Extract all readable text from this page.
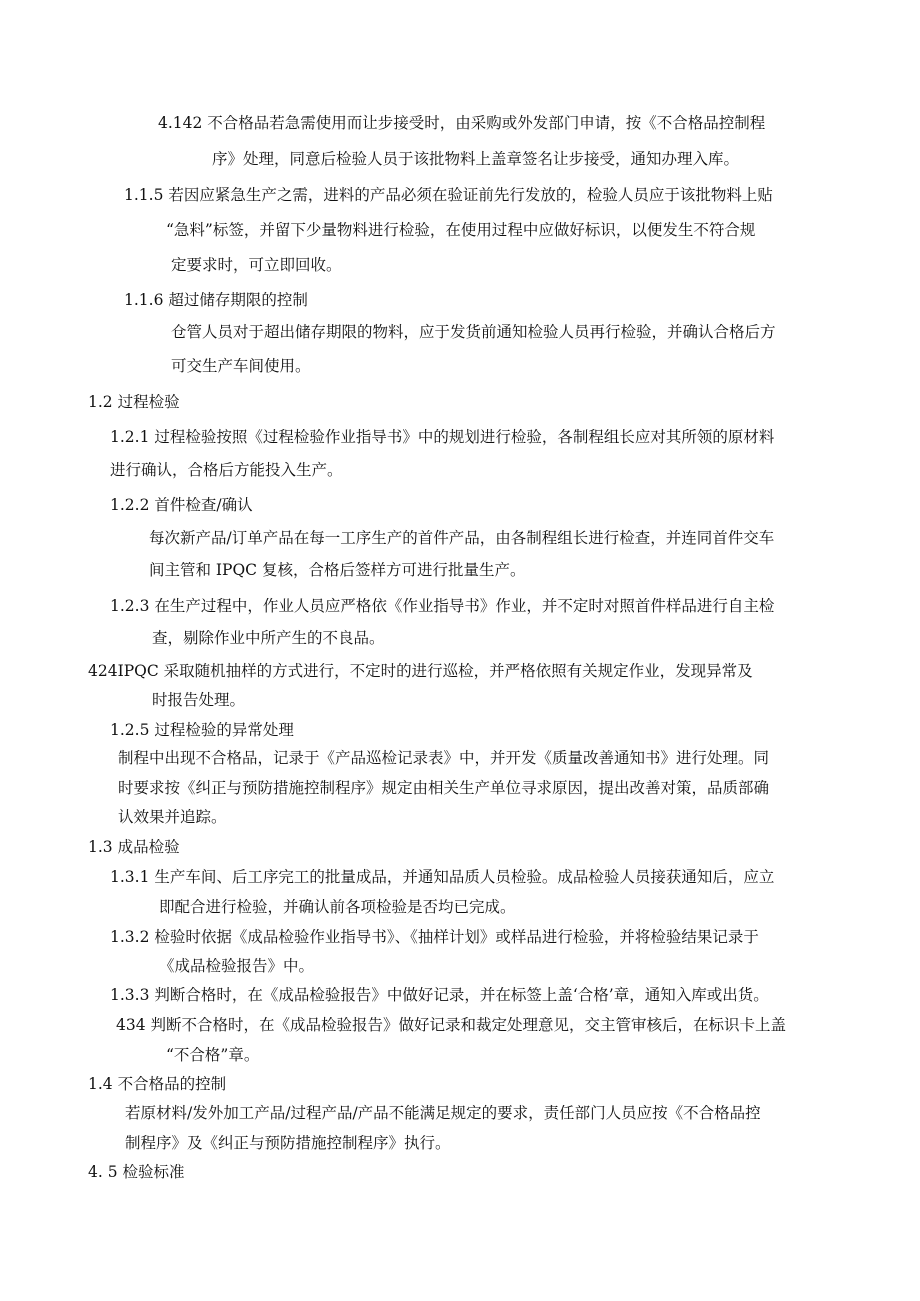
4.142 不合格品若急需使用而让步接受时，由采购或外发部门申请，按《不合格品控制程
序》处理，同意后检验人员于该批物料上盖章签名让步接受，通知办理入库。
1.1.5 若因应紧急生产之需，进料的产品必须在验证前先行发放的，检验人员应于该批物料上贴
“急料”标签，并留下少量物料进行检验，在使用过程中应做好标识，以便发生不符合规
定要求时，可立即回收。
1.1.6 超过储存期限的控制
仓管人员对于超出储存期限的物料，应于发货前通知检验人员再行检验，并确认合格后方
可交生产车间使用。
1.2 过程检验
1.2.1 过程检验按照《过程检验作业指导书》中的规划进行检验，各制程组长应对其所领的原材料
进行确认，合格后方能投入生产。
1.2.2 首件检查/确认
每次新产品/订单产品在每一工序生产的首件产品，由各制程组长进行检查，并连同首件交车
间主管和 IPQC 复核，合格后签样方可进行批量生产。
1.2.3 在生产过程中，作业人员应严格依《作业指导书》作业，并不定时对照首件样品进行自主检
查，剔除作业中所产生的不良品。
424IPQC 采取随机抽样的方式进行，不定时的进行巡检，并严格依照有关规定作业，发现异常及
时报告处理。
1.2.5 过程检验的异常处理
制程中出现不合格品，记录于《产品巡检记录表》中，并开发《质量改善通知书》进行处理。同
时要求按《纠正与预防措施控制程序》规定由相关生产单位寻求原因，提出改善对策，品质部确
认效果并追踪。
1.3 成品检验
1.3.1 生产车间、后工序完工的批量成品，并通知品质人员检验。成品检验人员接获通知后，应立
即配合进行检验，并确认前各项检验是否均已完成。
1.3.2 检验时依据《成品检验作业指导书》、《抽样计划》或样品进行检验，并将检验结果记录于
《成品检验报告》中。
1.3.3 判断合格时，在《成品检验报告》中做好记录，并在标签上盖‘合格’章，通知入库或出货。
434 判断不合格时，在《成品检验报告》做好记录和裁定处理意见，交主管审核后，在标识卡上盖
“不合格”章。
1.4 不合格品的控制
若原材料/发外加工产品/过程产品/产品不能满足规定的要求，责任部门人员应按《不合格品控
制程序》及《纠正与预防措施控制程序》执行。
4. 5 检验标准
